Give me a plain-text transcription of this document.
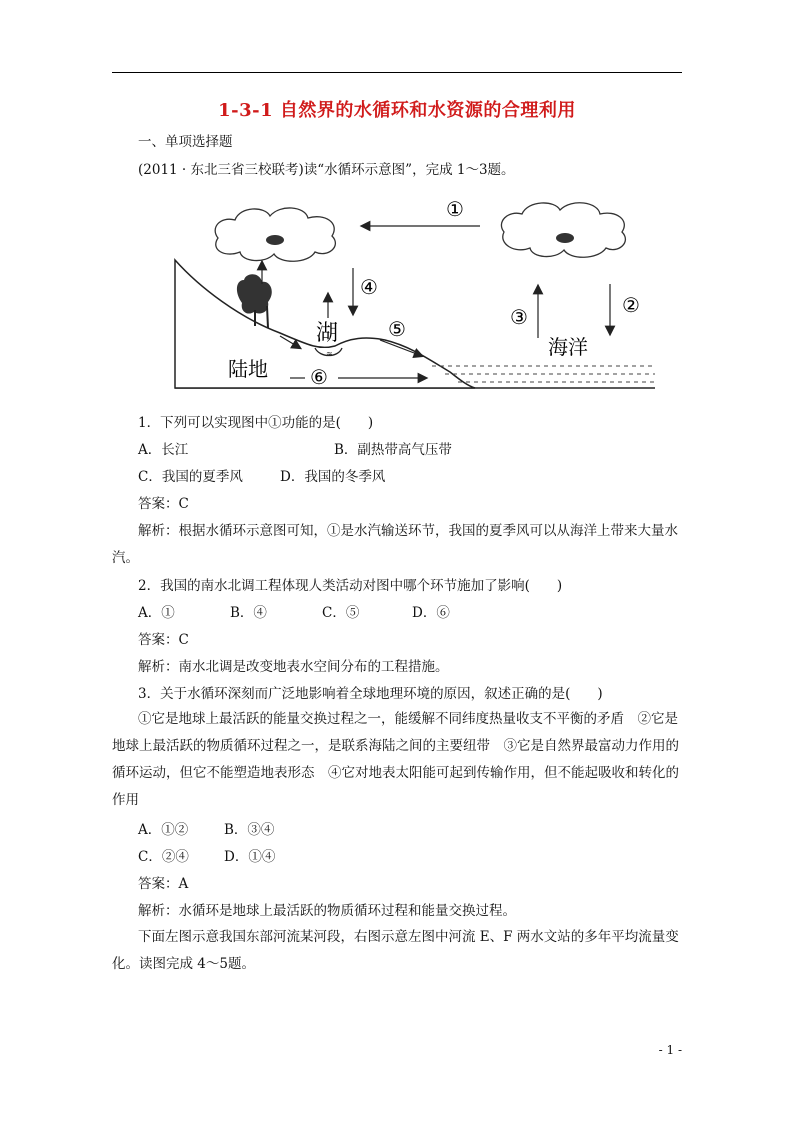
1-3-1 自然界的水循环和水资源的合理利用
一、单项选择题
(2011 · 东北三省三校联考)读“水循环示意图”，完成 1～3题。
①
④
≈
湖 ⑤
陆地 ⑥
海洋
③	②
1．下列可以实现图中①功能的是(　　)
A．长江	B．副热带高气压带
C．我国的夏季风	D．我国的冬季风
答案：C
解析：根据水循环示意图可知，①是水汽输送环节，我国的夏季风可以从海洋上带来大量水汽。
2．我国的南水北调工程体现人类活动对图中哪个环节施加了影响(　　)
A．①	B．④	C．⑤	D．⑥
答案：C
解析：南水北调是改变地表水空间分布的工程措施。
3．关于水循环深刻而广泛地影响着全球地理环境的原因，叙述正确的是(　　)
①它是地球上最活跃的能量交换过程之一，能缓解不同纬度热量收支不平衡的矛盾　②它是地球上最活跃的物质循环过程之一，是联系海陆之间的主要纽带　③它是自然界最富动力作用的循环运动，但它不能塑造地表形态　④它对地表太阳能可起到传输作用，但不能起吸收和转化的作用
A．①②	B．③④
C．②④	D．①④
答案：A
解析：水循环是地球上最活跃的物质循环过程和能量交换过程。
下面左图示意我国东部河流某河段，右图示意左图中河流 E、F 两水文站的多年平均流量变化。读图完成 4～5题。
- 1 -
